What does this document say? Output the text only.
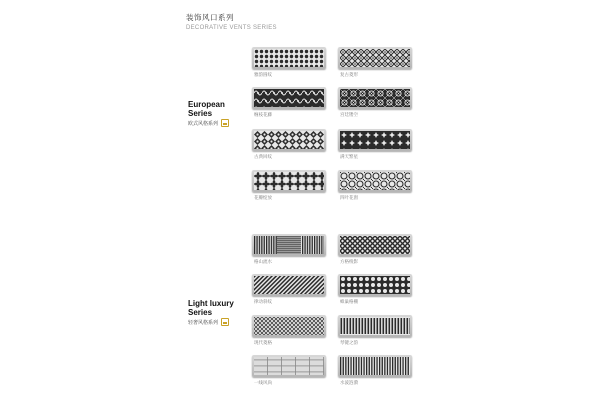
装饰风口系列
DECORATIVE VENTS SERIES
European
Series
欧式风格系列
Light luxury
Series
轻奢风格系列
雅韵圆纹	复古菱形
缠枝花藤	宫廷镂空
古典回纹	满天繁星
花瓣绽放	四叶花窗
格山流水	方格棱影
律动斜纹	蜂巢格栅
现代菱格	琴键之韵
一线风尚	水波涟漪
